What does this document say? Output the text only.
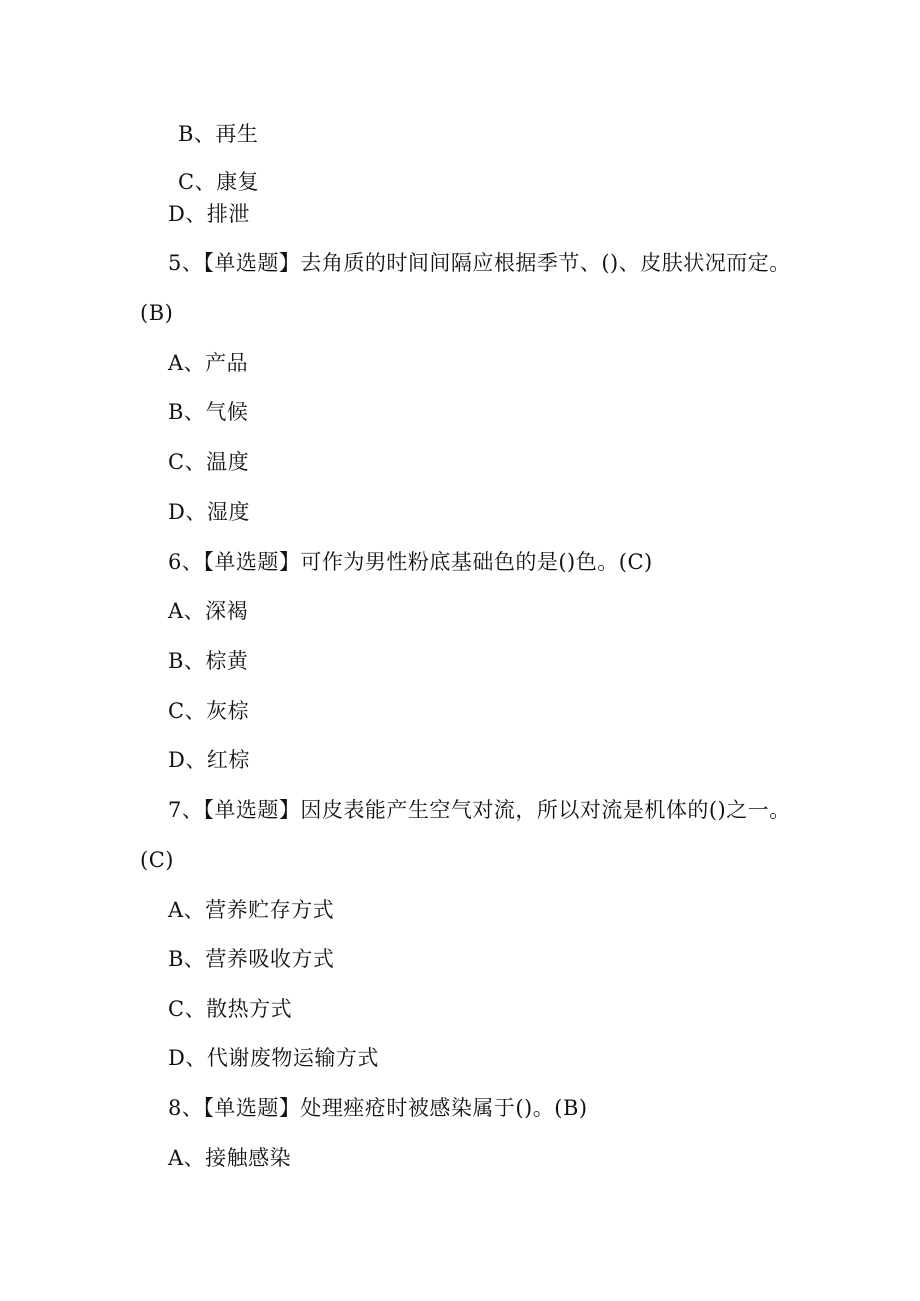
B、再生
C、康复
D、排泄
5、【单选题】去角质的时间间隔应根据季节、()、皮肤状况而定。
(B)
A、产品
B、气候
C、温度
D、湿度
6、【单选题】可作为男性粉底基础色的是()色。(C)
A、深褐
B、棕黄
C、灰棕
D、红棕
7、【单选题】因皮表能产生空气对流，所以对流是机体的()之一。
(C)
A、营养贮存方式
B、营养吸收方式
C、散热方式
D、代谢废物运输方式
8、【单选题】处理痤疮时被感染属于()。(B)
A、接触感染
